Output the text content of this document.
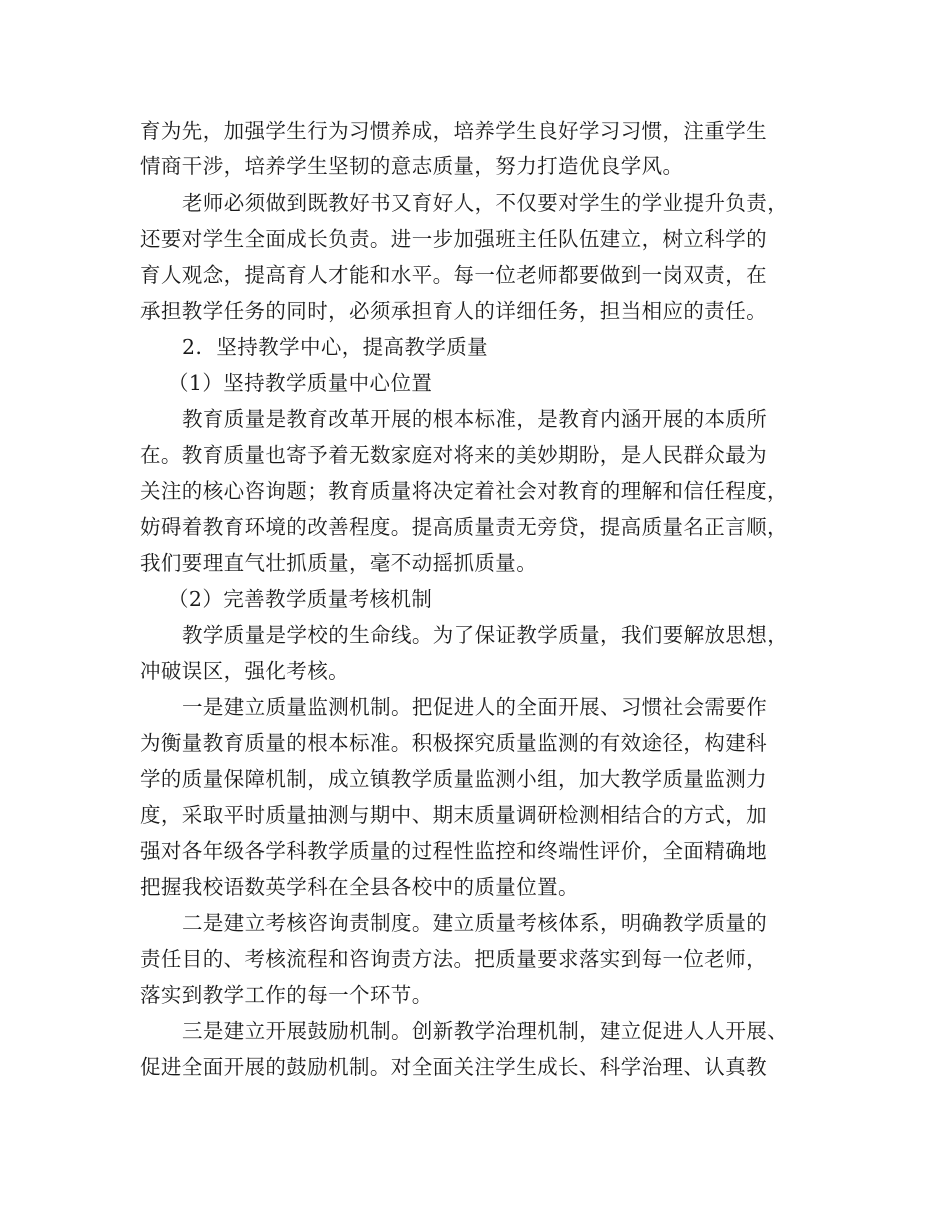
育为先，加强学生行为习惯养成，培养学生良好学习习惯，注重学生
情商干涉，培养学生坚韧的意志质量，努力打造优良学风。
老师必须做到既教好书又育好人，不仅要对学生的学业提升负责，
还要对学生全面成长负责。进一步加强班主任队伍建立，树立科学的
育人观念，提高育人才能和水平。每一位老师都要做到一岗双责，在
承担教学任务的同时，必须承担育人的详细任务，担当相应的责任。
2．坚持教学中心，提高教学质量
（1）坚持教学质量中心位置
教育质量是教育改革开展的根本标准，是教育内涵开展的本质所
在。教育质量也寄予着无数家庭对将来的美妙期盼，是人民群众最为
关注的核心咨询题；教育质量将决定着社会对教育的理解和信任程度，
妨碍着教育环境的改善程度。提高质量责无旁贷，提高质量名正言顺，
我们要理直气壮抓质量，毫不动摇抓质量。
（2）完善教学质量考核机制
教学质量是学校的生命线。为了保证教学质量，我们要解放思想，
冲破误区，强化考核。
一是建立质量监测机制。把促进人的全面开展、习惯社会需要作
为衡量教育质量的根本标准。积极探究质量监测的有效途径，构建科
学的质量保障机制，成立镇教学质量监测小组，加大教学质量监测力
度，采取平时质量抽测与期中、期末质量调研检测相结合的方式，加
强对各年级各学科教学质量的过程性监控和终端性评价，全面精确地
把握我校语数英学科在全县各校中的质量位置。
二是建立考核咨询责制度。建立质量考核体系，明确教学质量的
责任目的、考核流程和咨询责方法。把质量要求落实到每一位老师，
落实到教学工作的每一个环节。
三是建立开展鼓励机制。创新教学治理机制，建立促进人人开展、
促进全面开展的鼓励机制。对全面关注学生成长、科学治理、认真教
